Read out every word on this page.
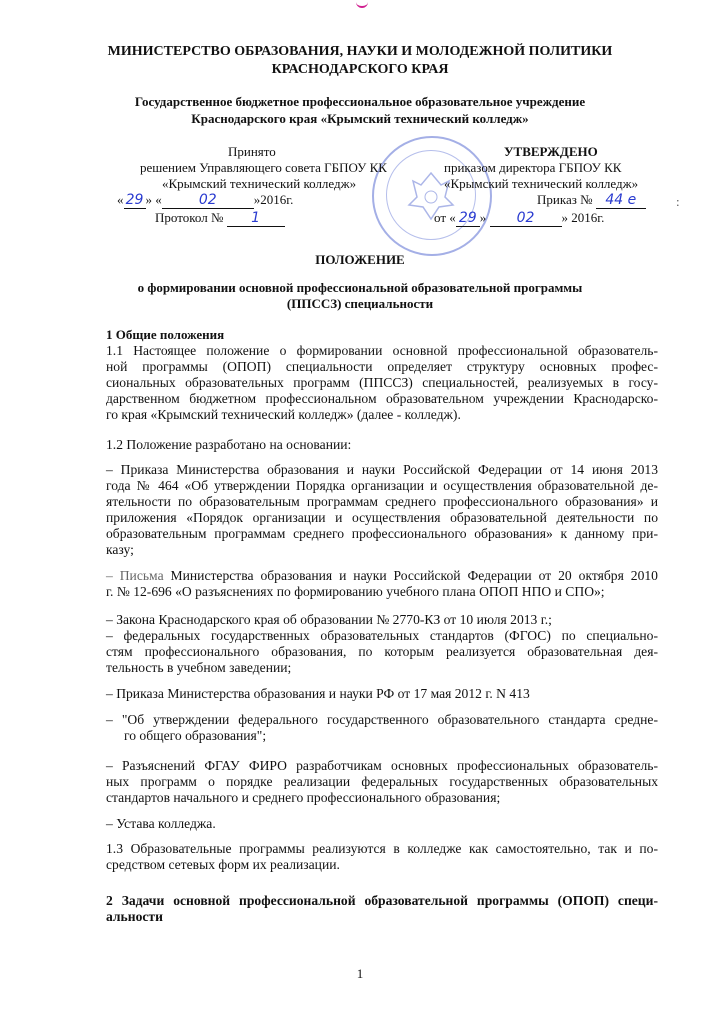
МИНИСТЕРСТВО ОБРАЗОВАНИЯ, НАУКИ И МОЛОДЕЖНОЙ ПОЛИТИКИ
КРАСНОДАРСКОГО КРАЯ
Государственное бюджетное профессиональное образовательное учреждение
Краснодарского края «Крымский технический колледж»
Принято
решением Управляющего совета ГБПОУ КК
«Крымский технический колледж»
« 29 » «	02	»2016г.
Протокол № 1
УТВЕРЖДЕНО
приказом директора ГБПОУ КК
«Крымский технический колледж»
Приказ № 44 е
от « 29 » 02 » 2016г.
ПОЛОЖЕНИЕ
о формировании основной профессиональной образовательной программы
(ППССЗ) специальности
1 Общие положения

1.1 Настоящее положение о формировании основной профессиональной образователь-

ной программы (ОПОП) специальности определяет структуру основных профес-

сиональных образовательных программ (ППССЗ) специальностей, реализуемых в госу-

дарственном бюджетном профессиональном образовательном учреждении Краснодарско-

го края «Крымский технический колледж» (далее - колледж).

1.2 Положение разработано на основании:

– Приказа Министерства образования и науки Российской Федерации от 14 июня 2013

года № 464 «Об утверждении Порядка организации и осуществления образовательной де-

ятельности по образовательным программам среднего профессионального образования» и

приложения «Порядок организации и осуществления образовательной деятельности по

образовательным программам среднего профессионального образования» к данному при-

казу;

– Письма Министерства образования и науки Российской Федерации от 20 октября 2010

г. № 12-696 «О разъяснениях по формированию учебного плана ОПОП НПО и СПО»;

– Закона Краснодарского края об образовании № 2770-КЗ от 10 июля 2013 г.;

– федеральных государственных образовательных стандартов (ФГОС) по специально-

стям профессионального образования, по которым реализуется образовательная дея-

тельность в учебном заведении;

– Приказа Министерства образования и науки РФ от 17 мая 2012 г. N 413

– "Об утверждении федерального государственного образовательного стандарта средне-

го общего образования";

– Разъяснений ФГАУ ФИРО разработчикам основных профессиональных образователь-

ных программ о порядке реализации федеральных государственных образовательных

стандартов начального и среднего профессионального образования;

– Устава колледжа.

1.3 Образовательные программы реализуются в колледже как самостоятельно, так и по-

средством сетевых форм их реализации.

2 Задачи основной профессиональной образовательной программы (ОПОП) специ-

альности

1
:
